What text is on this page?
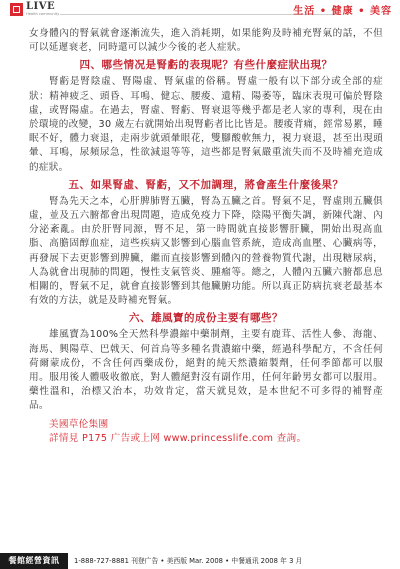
LIVE
Health community	生活 • 健康 • 美容

女身體內的腎氣就會逐漸流失，進入消耗期，如果能夠及時補充腎氣的話，不但可以延遲衰老，同時還可以減少今後的老人症狀。

四、哪些情况是腎虧的表現呢？有些什麼症狀出現？

腎虧是腎陰虛、腎陽虛、腎氣虛的俗稱。腎虛一般有以下部分或全部的症狀：精神疲乏、頭昏、耳鳴、健忘、腰痠、遺精、陽萎等，臨床表現可偏於腎陰虛，或腎陽虛。在過去，腎虛、腎虧、腎衰退等幾乎都是老人家的專利，現在由於環境的改變，30 歲左右就開始出現腎虧者比比皆是。腰痠背痛，經常易累，睡眠不好，體力衰退，走兩步就頭暈眼花，雙腳酸軟無力，視力衰退，甚至出現頭暈、耳鳴，尿頻尿急，性欲減退等等，這些都是腎氣嚴重流失而不及時補充造成的症狀。

五、如果腎虛、腎虧，又不加調理，將會產生什麼後果？

腎為先天之本，心肝脾肺腎五臟，腎為五臟之首。腎氣不足，腎虛則五臟俱虛，並及五六腑都會出現問題，造成免疫力下降，陰陽平衡失調，新陳代謝、內分泌紊亂。由於肝腎同源，腎不足，第一時間就直接影響肝臟，開始出現高血脂、高膽固醇血症，這些疾病又影響到心腦血管系統，造成高血壓、心臟病等，再發展下去更影響到脾臟，繼而直接影響到體內的營養物質代謝，出現糖尿病，人為就會出現肺的問題，慢性支氣管炎、腫瘤等。總之，人體內五臟六腑都息息相關的，腎氣不足，就會直接影響到其他臟腑功能。所以真正防病抗衰老最基本有效的方法，就是及時補充腎氣。

六、雄風寶的成份主要有哪些？

雄風寶為100%全天然科學濃縮中藥制劑，主要有鹿茸、活性人參、海龍、海馬、興陽草、巴戟天、何首烏等多種名貴濃縮中藥，經過科學配方，不含任何荷爾蒙成份，不含任何西藥成份，絕對的純天然濃縮製劑，任何季節都可以服用。服用後人體吸收徹底，對人體絕對沒有副作用，任何年齡男女都可以服用。藥性溫和，治標又治本，功效肯定，當天就見效，是本世紀不可多得的補腎產品。

美國草伦集團

詳情見 P175 广告或上网 www.princesslife.com 查詢。

餐館經營資訊	1-888-727-8881 刊登广告 • 美西版 Mar. 2008 • 中餐通讯 2008 年 3 月
